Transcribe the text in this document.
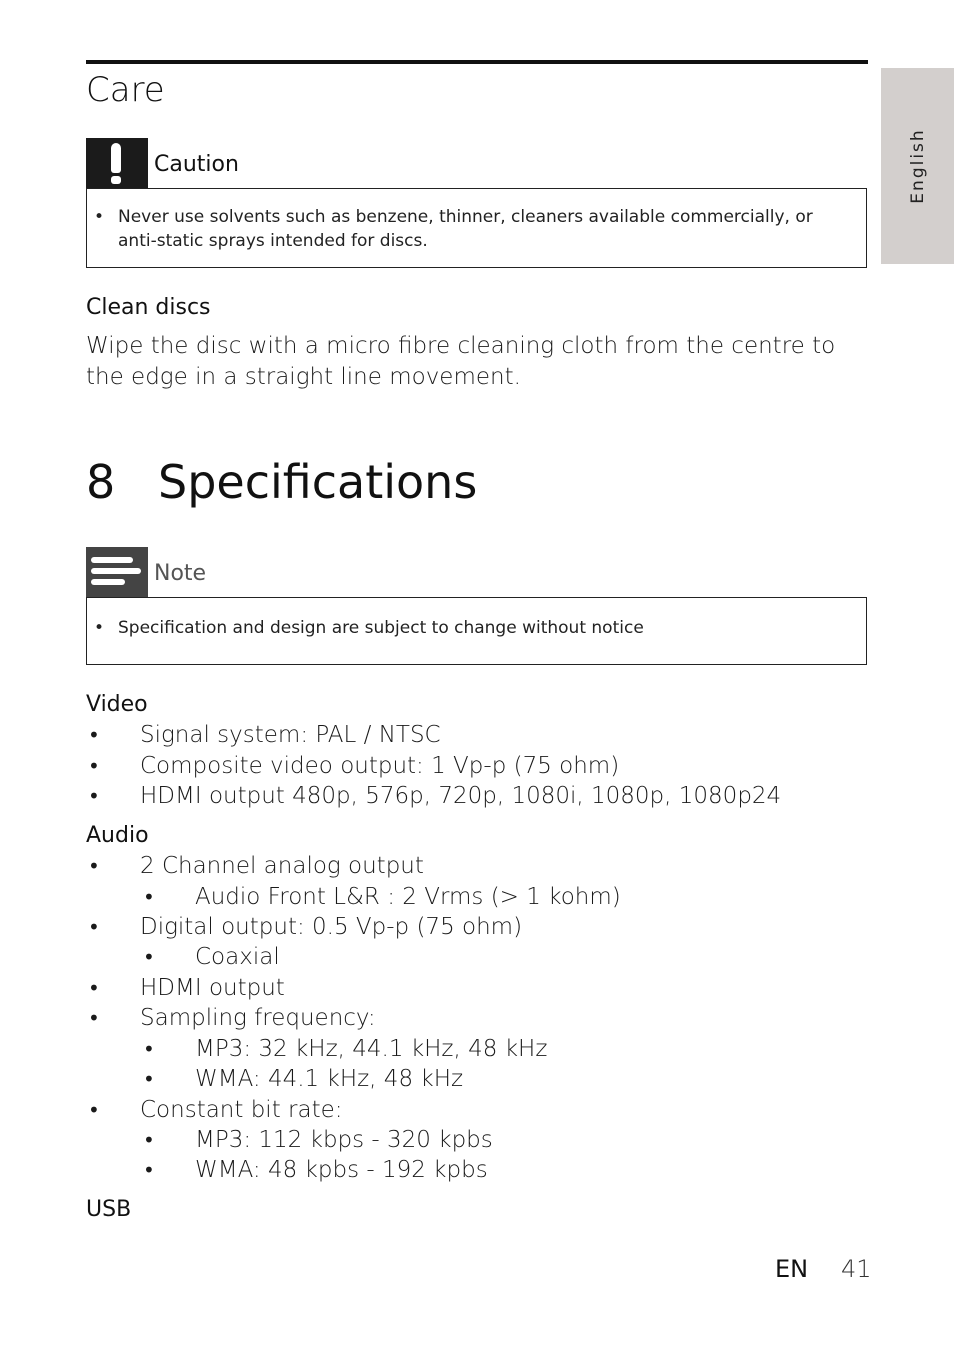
English
Care
Caution
• Never use solvents such as benzene, thinner, cleaners available commercially, or anti-static sprays intended for discs.
Clean discs
Wipe the disc with a micro fibre cleaning cloth from the centre to the edge in a straight line movement.
8 Specifications
Note
• Specification and design are subject to change without notice
Video
• Signal system: PAL / NTSC
• Composite video output: 1 Vp-p (75 ohm)
• HDMI output 480p, 576p, 720p, 1080i, 1080p, 1080p24
Audio
• 2 Channel analog output
• Audio Front L&R : 2 Vrms (> 1 kohm)
• Digital output: 0.5 Vp-p (75 ohm)
• Coaxial
• HDMI output
• Sampling frequency:
• MP3: 32 kHz, 44.1 kHz, 48 kHz
• WMA: 44.1 kHz, 48 kHz
• Constant bit rate:
• MP3: 112 kbps - 320 kpbs
• WMA: 48 kpbs - 192 kpbs
USB
EN 41
